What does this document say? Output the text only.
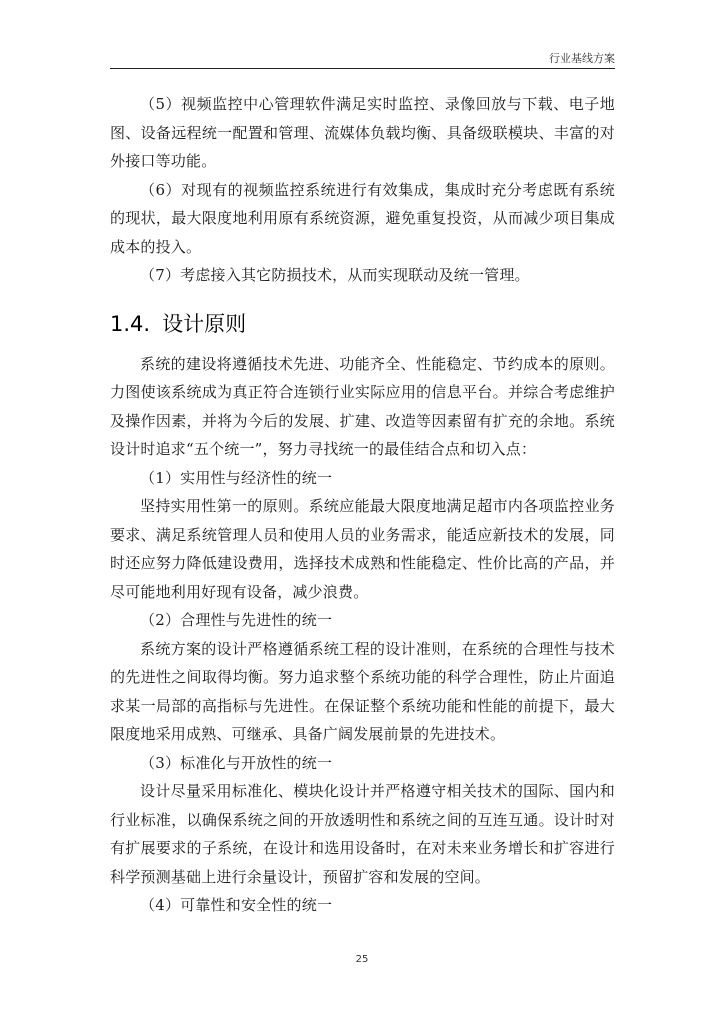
行业基线方案

（5）视频监控中心管理软件满足实时监控、录像回放与下载、电子地图、设备远程统一配置和管理、流媒体负载均衡、具备级联模块、丰富的对外接口等功能。

（6）对现有的视频监控系统进行有效集成，集成时充分考虑既有系统的现状，最大限度地利用原有系统资源，避免重复投资，从而减少项目集成成本的投入。

（7）考虑接入其它防损技术，从而实现联动及统一管理。

1.4. 设计原则

系统的建设将遵循技术先进、功能齐全、性能稳定、节约成本的原则。力图使该系统成为真正符合连锁行业实际应用的信息平台。并综合考虑维护及操作因素，并将为今后的发展、扩建、改造等因素留有扩充的余地。系统设计时追求“五个统一”，努力寻找统一的最佳结合点和切入点：

（1）实用性与经济性的统一

坚持实用性第一的原则。系统应能最大限度地满足超市内各项监控业务要求、满足系统管理人员和使用人员的业务需求，能适应新技术的发展，同时还应努力降低建设费用，选择技术成熟和性能稳定、性价比高的产品，并尽可能地利用好现有设备，减少浪费。

（2）合理性与先进性的统一

系统方案的设计严格遵循系统工程的设计准则，在系统的合理性与技术的先进性之间取得均衡。努力追求整个系统功能的科学合理性，防止片面追求某一局部的高指标与先进性。在保证整个系统功能和性能的前提下，最大限度地采用成熟、可继承、具备广阔发展前景的先进技术。

（3）标准化与开放性的统一

设计尽量采用标准化、模块化设计并严格遵守相关技术的国际、国内和行业标准，以确保系统之间的开放透明性和系统之间的互连互通。设计时对有扩展要求的子系统，在设计和选用设备时，在对未来业务增长和扩容进行科学预测基础上进行余量设计，预留扩容和发展的空间。

（4）可靠性和安全性的统一

25
